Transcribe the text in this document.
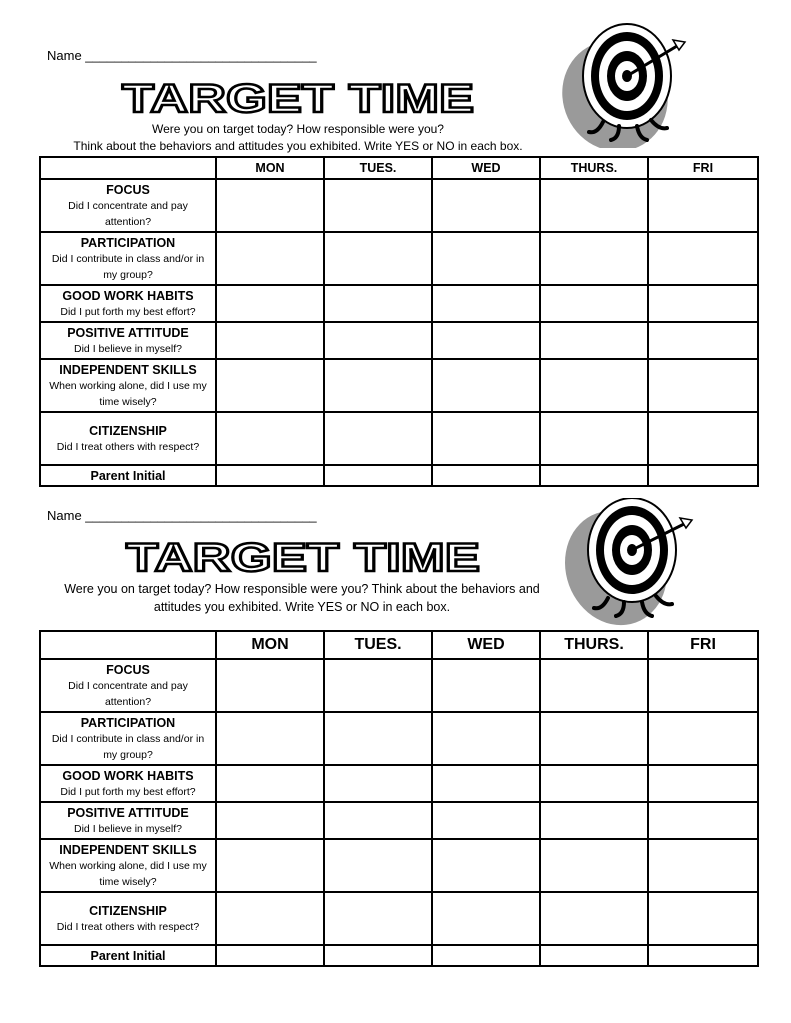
Name ________________________________
TARGET TIME
Were you on target today? How responsible were you?
Think about the behaviors and attitudes you exhibited. Write YES or NO in each box.
	MON	TUES.	WED	THURS.	FRI

FOCUS
Did I concentrate and pay attention?					

PARTICIPATION
Did I contribute in class and/or in my group?					

GOOD WORK HABITS
Did I put forth my best effort?					

POSITIVE ATTITUDE
Did I believe in myself?					

INDEPENDENT SKILLS
When working alone, did I use my time wisely?					

CITIZENSHIP
Did I treat others with respect?					

Parent Initial					
Name ________________________________
TARGET TIME
Were you on target today? How responsible were you? Think about the behaviors and
attitudes you exhibited. Write YES or NO in each box.
	MON	TUES.	WED	THURS.	FRI

FOCUS
Did I concentrate and pay attention?					

PARTICIPATION
Did I contribute in class and/or in my group?					

GOOD WORK HABITS
Did I put forth my best effort?					

POSITIVE ATTITUDE
Did I believe in myself?					

INDEPENDENT SKILLS
When working alone, did I use my time wisely?					

CITIZENSHIP
Did I treat others with respect?					

Parent Initial					
